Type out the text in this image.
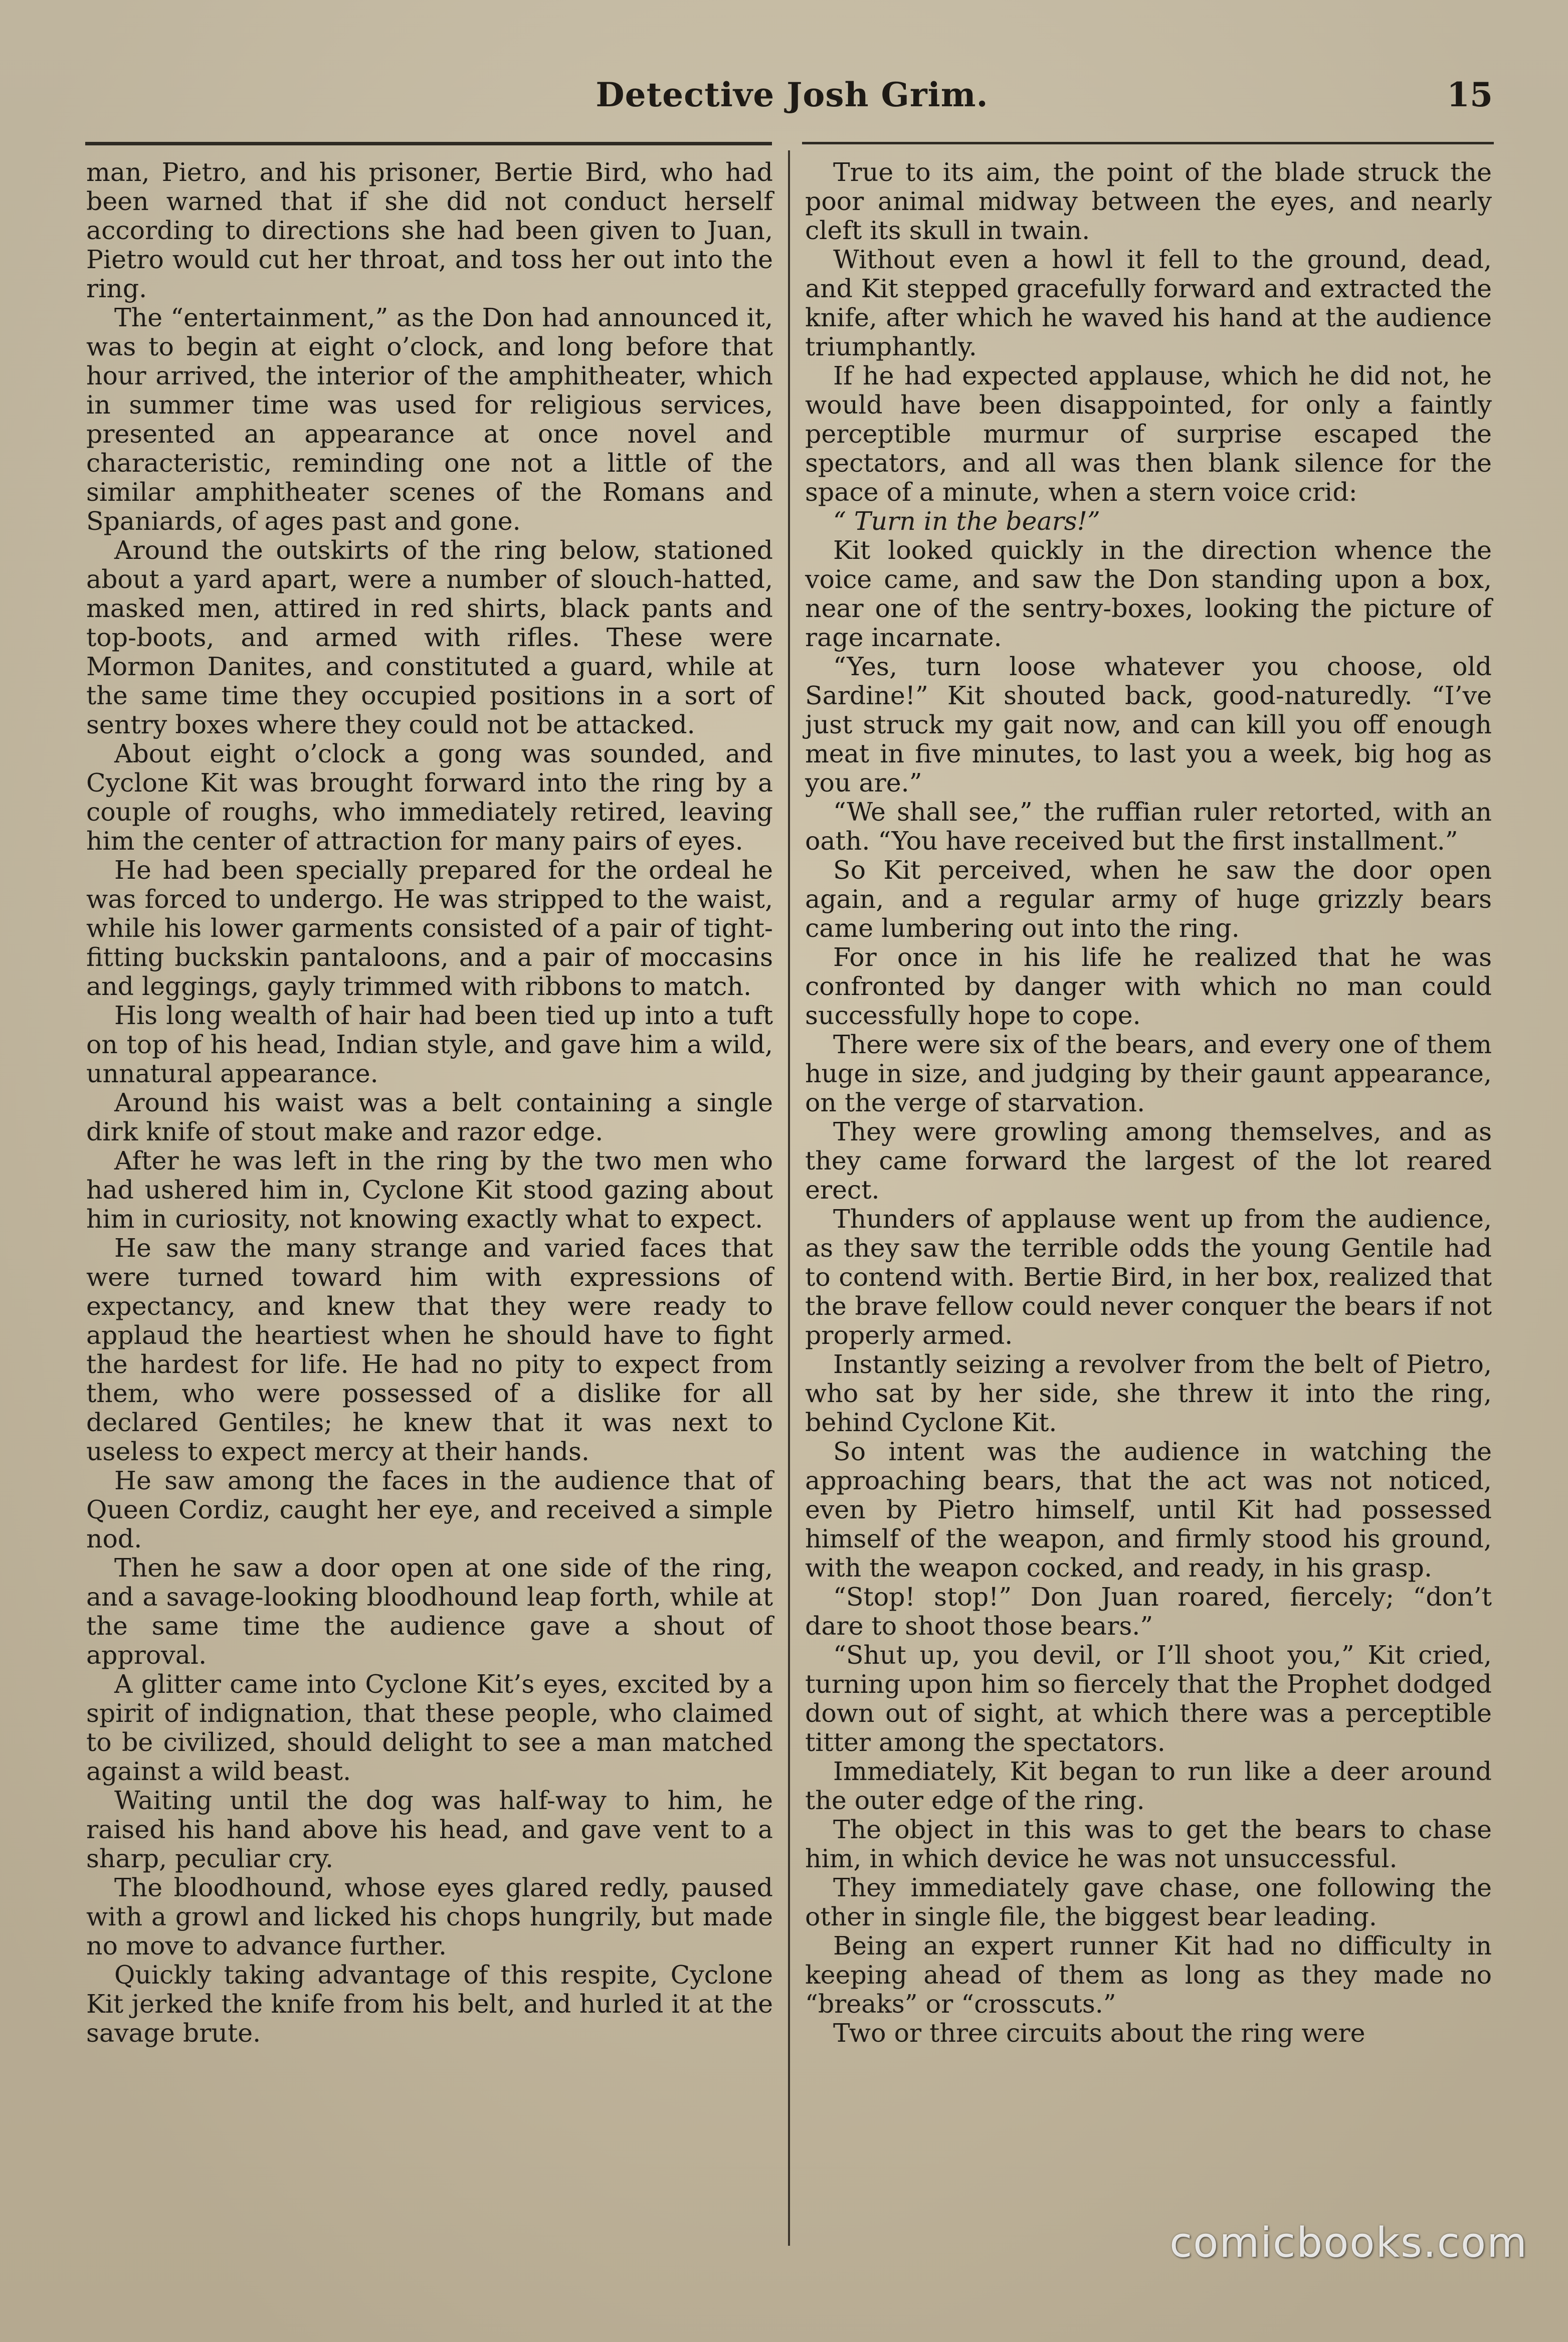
Detective Josh Grim.	15

man, Pietro, and his prisoner, Bertie Bird, who had been warned that if she did not conduct herself according to directions she had been given to Juan, Pietro would cut her throat, and toss her out into the ring.

The “entertainment,” as the Don had announced it, was to begin at eight o’clock, and long before that hour arrived, the interior of the amphitheater, which in summer time was used for religious services, presented an appearance at once novel and characteristic, reminding one not a little of the similar amphitheater scenes of the Romans and Spaniards, of ages past and gone.

Around the outskirts of the ring below, stationed about a yard apart, were a number of slouch-hatted, masked men, attired in red shirts, black pants and top-boots, and armed with rifles. These were Mormon Danites, and constituted a guard, while at the same time they occupied positions in a sort of sentry boxes where they could not be attacked.

About eight o’clock a gong was sounded, and Cyclone Kit was brought forward into the ring by a couple of roughs, who immediately retired, leaving him the center of attraction for many pairs of eyes.

He had been specially prepared for the ordeal he was forced to undergo. He was stripped to the waist, while his lower garments consisted of a pair of tight-fitting buckskin pantaloons, and a pair of moccasins and leggings, gayly trimmed with ribbons to match.

His long wealth of hair had been tied up into a tuft on top of his head, Indian style, and gave him a wild, unnatural appearance.

Around his waist was a belt containing a single dirk knife of stout make and razor edge.

After he was left in the ring by the two men who had ushered him in, Cyclone Kit stood gazing about him in curiosity, not knowing exactly what to expect.

He saw the many strange and varied faces that were turned toward him with expressions of expectancy, and knew that they were ready to applaud the heartiest when he should have to fight the hardest for life. He had no pity to expect from them, who were possessed of a dislike for all declared Gentiles; he knew that it was next to useless to expect mercy at their hands.

He saw among the faces in the audience that of Queen Cordiz, caught her eye, and received a simple nod.

Then he saw a door open at one side of the ring, and a savage-looking bloodhound leap forth, while at the same time the audience gave a shout of approval.

A glitter came into Cyclone Kit’s eyes, excited by a spirit of indignation, that these people, who claimed to be civilized, should delight to see a man matched against a wild beast.

Waiting until the dog was half-way to him, he raised his hand above his head, and gave vent to a sharp, peculiar cry.

The bloodhound, whose eyes glared redly, paused with a growl and licked his chops hungrily, but made no move to advance further.

Quickly taking advantage of this respite, Cyclone Kit jerked the knife from his belt, and hurled it at the savage brute.

True to its aim, the point of the blade struck the poor animal midway between the eyes, and nearly cleft its skull in twain.

Without even a howl it fell to the ground, dead, and Kit stepped gracefully forward and extracted the knife, after which he waved his hand at the audience triumphantly.

If he had expected applause, which he did not, he would have been disappointed, for only a faintly perceptible murmur of surprise escaped the spectators, and all was then blank silence for the space of a minute, when a stern voice crid:

“ Turn in the bears!”

Kit looked quickly in the direction whence the voice came, and saw the Don standing upon a box, near one of the sentry-boxes, looking the picture of rage incarnate.

“Yes, turn loose whatever you choose, old Sardine!” Kit shouted back, good-naturedly. “I’ve just struck my gait now, and can kill you off enough meat in five minutes, to last you a week, big hog as you are.”

“We shall see,” the ruffian ruler retorted, with an oath. “You have received but the first installment.”

So Kit perceived, when he saw the door open again, and a regular army of huge grizzly bears came lumbering out into the ring.

For once in his life he realized that he was confronted by danger with which no man could successfully hope to cope.

There were six of the bears, and every one of them huge in size, and judging by their gaunt appearance, on the verge of starvation.

They were growling among themselves, and as they came forward the largest of the lot reared erect.

Thunders of applause went up from the audience, as they saw the terrible odds the young Gentile had to contend with. Bertie Bird, in her box, realized that the brave fellow could never conquer the bears if not properly armed.

Instantly seizing a revolver from the belt of Pietro, who sat by her side, she threw it into the ring, behind Cyclone Kit.

So intent was the audience in watching the approaching bears, that the act was not noticed, even by Pietro himself, until Kit had possessed himself of the weapon, and firmly stood his ground, with the weapon cocked, and ready, in his grasp.

“Stop! stop!” Don Juan roared, fiercely; “don’t dare to shoot those bears.”

“Shut up, you devil, or I’ll shoot you,” Kit cried, turning upon him so fiercely that the Prophet dodged down out of sight, at which there was a perceptible titter among the spectators.

Immediately, Kit began to run like a deer around the outer edge of the ring.

The object in this was to get the bears to chase him, in which device he was not unsuccessful.

They immediately gave chase, one following the other in single file, the biggest bear leading.

Being an expert runner Kit had no difficulty in keeping ahead of them as long as they made no “breaks” or “crosscuts.”

Two or three circuits about the ring were

comicbooks.com
